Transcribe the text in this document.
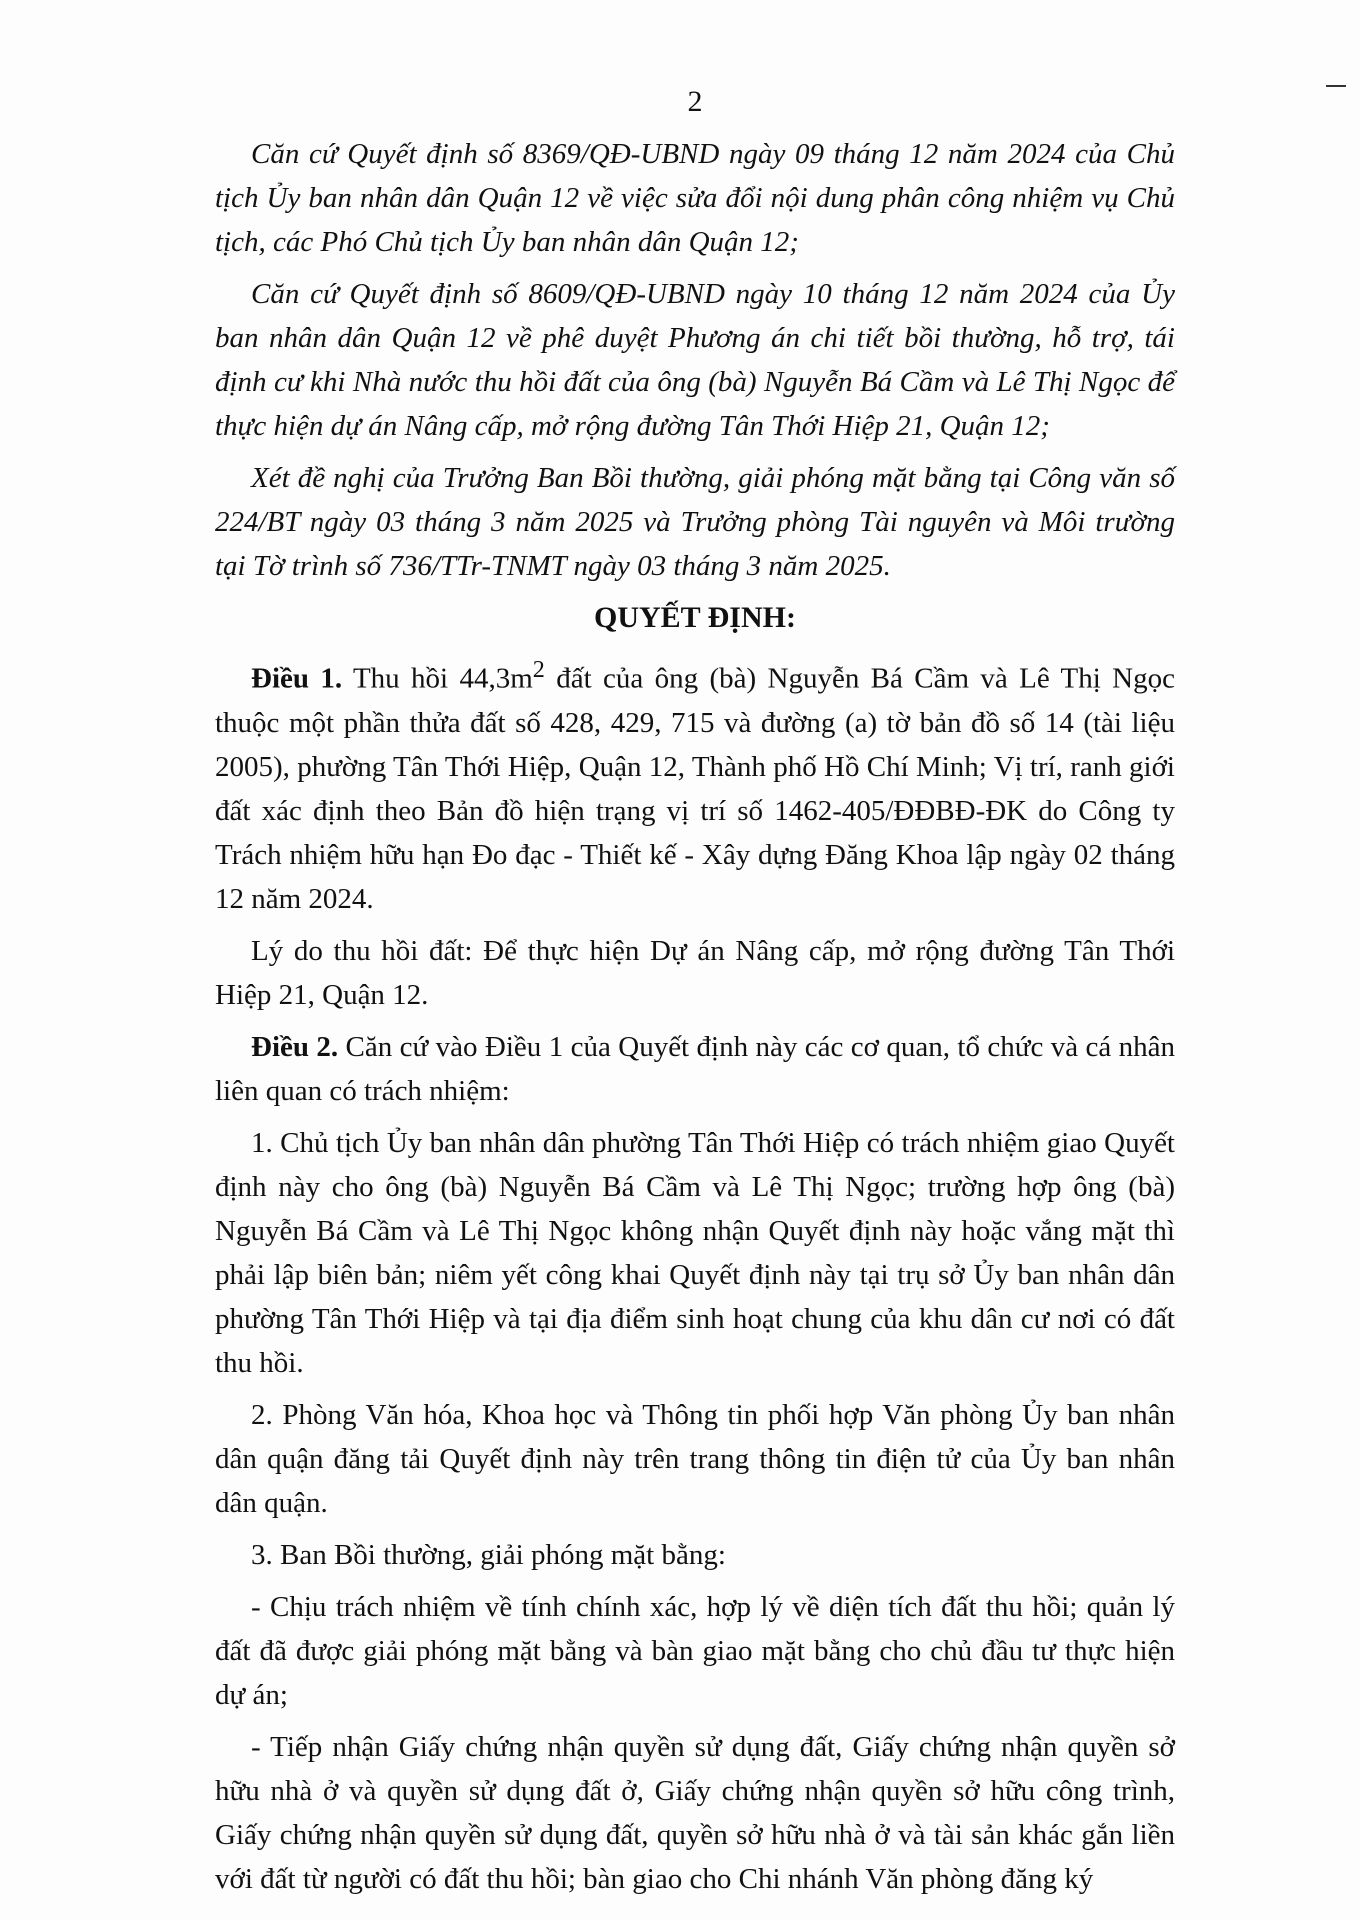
2

Căn cứ Quyết định số 8369/QĐ-UBND ngày 09 tháng 12 năm 2024 của Chủ tịch Ủy ban nhân dân Quận 12 về việc sửa đổi nội dung phân công nhiệm vụ Chủ tịch, các Phó Chủ tịch Ủy ban nhân dân Quận 12;

Căn cứ Quyết định số 8609/QĐ-UBND ngày 10 tháng 12 năm 2024 của Ủy ban nhân dân Quận 12 về phê duyệt Phương án chi tiết bồi thường, hỗ trợ, tái định cư khi Nhà nước thu hồi đất của ông (bà) Nguyễn Bá Cầm và Lê Thị Ngọc để thực hiện dự án Nâng cấp, mở rộng đường Tân Thới Hiệp 21, Quận 12;

Xét đề nghị của Trưởng Ban Bồi thường, giải phóng mặt bằng tại Công văn số 224/BT ngày 03 tháng 3 năm 2025 và Trưởng phòng Tài nguyên và Môi trường tại Tờ trình số 736/TTr-TNMT ngày 03 tháng 3 năm 2025.

QUYẾT ĐỊNH:

Điều 1. Thu hồi $44,3m^2$ đất của ông (bà) Nguyễn Bá Cầm và Lê Thị Ngọc thuộc một phần thửa đất số 428, 429, 715 và đường (a) tờ bản đồ số 14 (tài liệu 2005), phường Tân Thới Hiệp, Quận 12, Thành phố Hồ Chí Minh; Vị trí, ranh giới đất xác định theo Bản đồ hiện trạng vị trí số 1462-405/ĐĐBĐ-ĐK do Công ty Trách nhiệm hữu hạn Đo đạc - Thiết kế - Xây dựng Đăng Khoa lập ngày 02 tháng 12 năm 2024.

Lý do thu hồi đất: Để thực hiện Dự án Nâng cấp, mở rộng đường Tân Thới Hiệp 21, Quận 12.

Điều 2. Căn cứ vào Điều 1 của Quyết định này các cơ quan, tổ chức và cá nhân liên quan có trách nhiệm:

1. Chủ tịch Ủy ban nhân dân phường Tân Thới Hiệp có trách nhiệm giao Quyết định này cho ông (bà) Nguyễn Bá Cầm và Lê Thị Ngọc; trường hợp ông (bà) Nguyễn Bá Cầm và Lê Thị Ngọc không nhận Quyết định này hoặc vắng mặt thì phải lập biên bản; niêm yết công khai Quyết định này tại trụ sở Ủy ban nhân dân phường Tân Thới Hiệp và tại địa điểm sinh hoạt chung của khu dân cư nơi có đất thu hồi.

2. Phòng Văn hóa, Khoa học và Thông tin phối hợp Văn phòng Ủy ban nhân dân quận đăng tải Quyết định này trên trang thông tin điện tử của Ủy ban nhân dân quận.

3. Ban Bồi thường, giải phóng mặt bằng:

- Chịu trách nhiệm về tính chính xác, hợp lý về diện tích đất thu hồi; quản lý đất đã được giải phóng mặt bằng và bàn giao mặt bằng cho chủ đầu tư thực hiện dự án;

- Tiếp nhận Giấy chứng nhận quyền sử dụng đất, Giấy chứng nhận quyền sở hữu nhà ở và quyền sử dụng đất ở, Giấy chứng nhận quyền sở hữu công trình, Giấy chứng nhận quyền sử dụng đất, quyền sở hữu nhà ở và tài sản khác gắn liền với đất từ người có đất thu hồi; bàn giao cho Chi nhánh Văn phòng đăng ký
